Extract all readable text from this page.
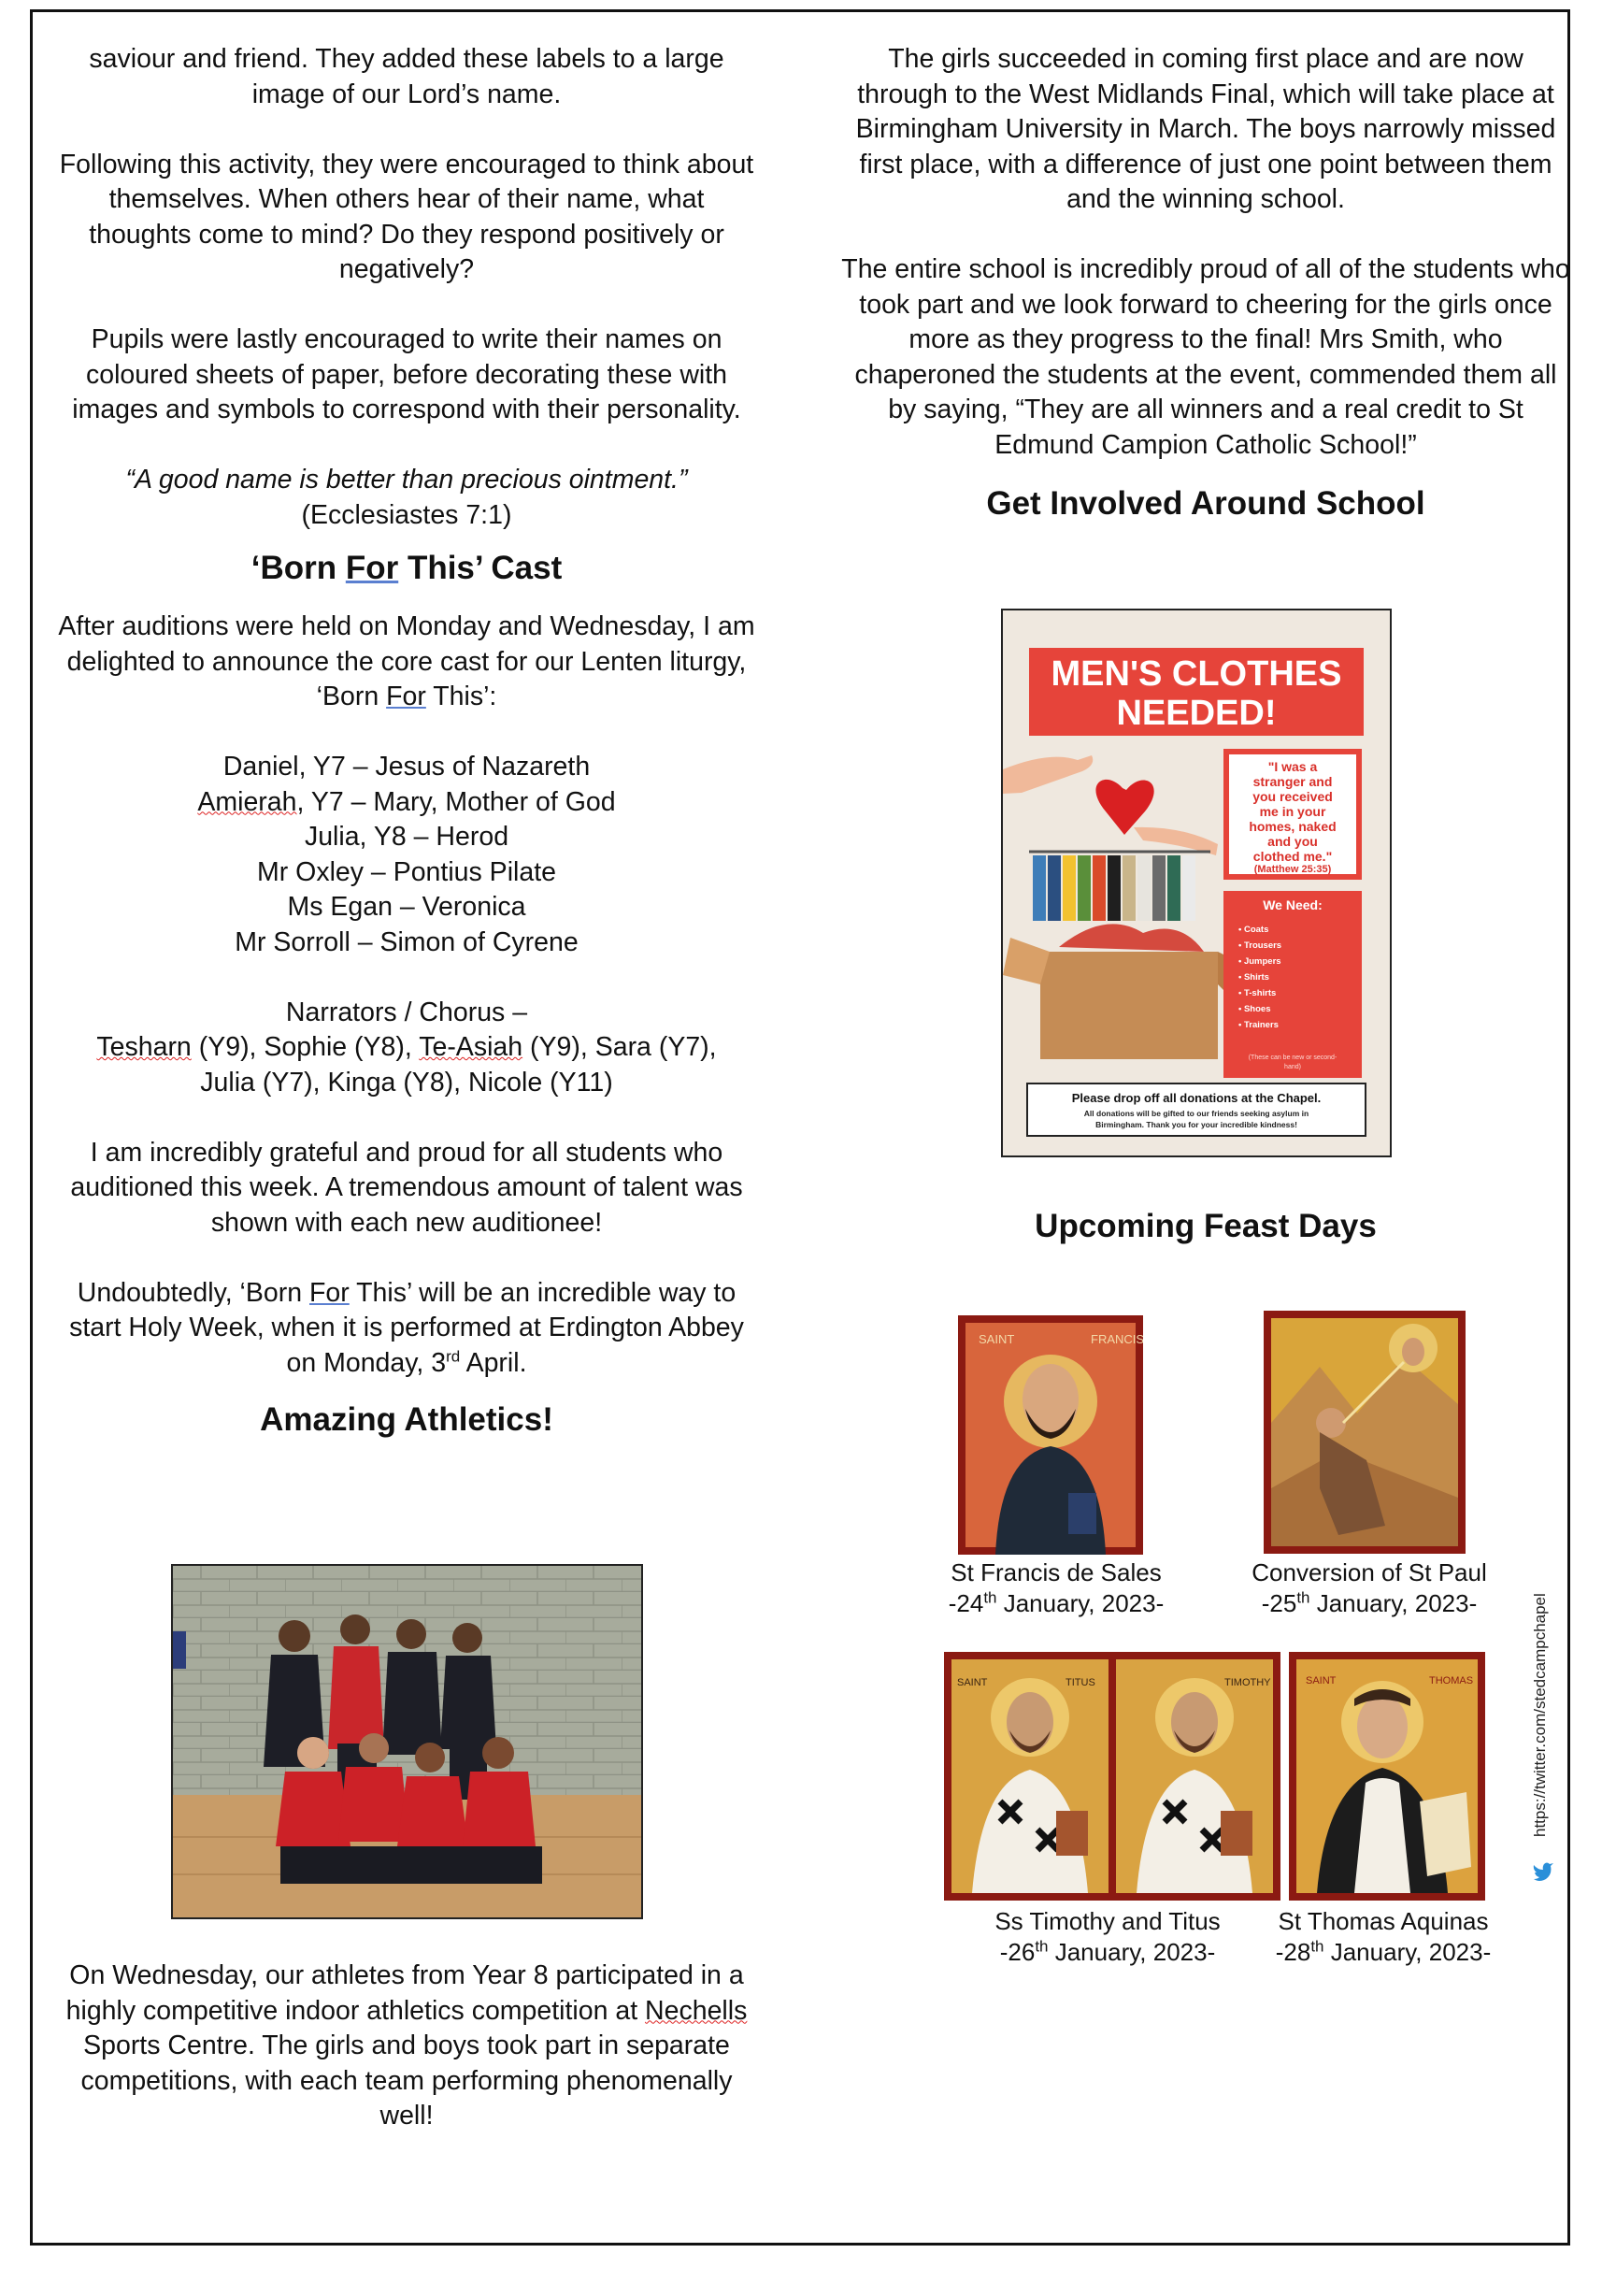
saviour and friend. They added these labels to a large image of our Lord’s name.

Following this activity, they were encouraged to think about themselves. When others hear of their name, what thoughts come to mind? Do they respond positively or negatively?

Pupils were lastly encouraged to write their names on coloured sheets of paper, before decorating these with images and symbols to correspond with their personality.

“A good name is better than precious ointment.”
(Ecclesiastes 7:1)
‘Born For This’ Cast

After auditions were held on Monday and Wednesday, I am delighted to announce the core cast for our Lenten liturgy, ‘Born For This’:

Daniel, Y7 – Jesus of Nazareth
Amierah, Y7 – Mary, Mother of God
Julia, Y8 – Herod
Mr Oxley – Pontius Pilate
Ms Egan – Veronica
Mr Sorroll – Simon of Cyrene
Narrators / Chorus –
Tesharn (Y9), Sophie (Y8), Te-Asiah (Y9), Sara (Y7),

Julia (Y7), Kinga (Y8), Nicole (Y11)

I am incredibly grateful and proud for all students who auditioned this week. A tremendous amount of talent was shown with each new auditionee!

Undoubtedly, ‘Born For This’ will be an incredible way to start Holy Week, when it is performed at Erdington Abbey on Monday, 3rd April.

Amazing Athletics!
On Wednesday, our athletes from Year 8 participated in a highly competitive indoor athletics competition at Nechells Sports Centre. The girls and boys took part in separate competitions, with each team performing phenomenally well!

The girls succeeded in coming first place and are now through to the West Midlands Final, which will take place at Birmingham University in March. The boys narrowly missed first place, with a difference of just one point between them and the winning school.

The entire school is incredibly proud of all of the students who took part and we look forward to cheering for the girls once more as they progress to the final! Mrs Smith, who chaperoned the students at the event, commended them all by saying, “They are all winners and a real credit to St Edmund Campion Catholic School!”

Get Involved Around School
MEN'S CLOTHES
NEEDED!
"I was a
stranger and
you received
me in your
homes, naked
and you
clothed me."
(Matthew 25:35)
We Need:
• Coats
• Trousers
• Jumpers
• Shirts
• T-shirts
• Shoes
• Trainers
(These can be new or second-
hand)
Please drop off all donations at the Chapel.
All donations will be gifted to our friends seeking asylum in
Birmingham. Thank you for your incredible kindness!
Upcoming Feast Days
SAINT	FRANCIS
SAINT	TITUS	TIMOTHY	SAINT	THOMAS
St Francis de Sales
-24th January, 2023-
Conversion of St Paul
-25th January, 2023-
Ss Timothy and Titus
-26th January, 2023-
St Thomas Aquinas
-28th January, 2023-
https://twitter.com/stedcampchapel
